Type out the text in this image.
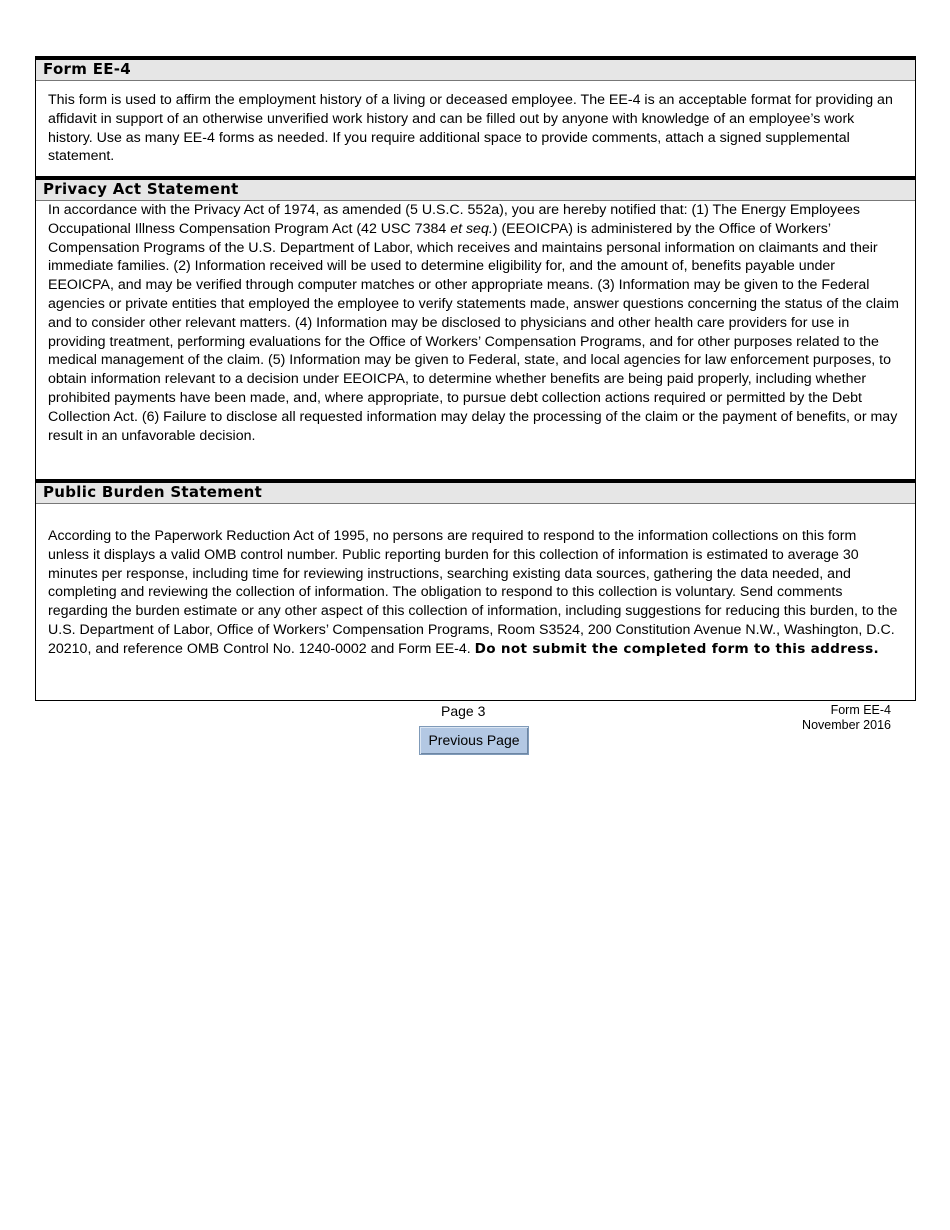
Form EE-4

This form is used to affirm the employment history of a living or deceased employee. The EE-4 is an acceptable format for providing an affidavit in support of an otherwise unverified work history and can be filled out by anyone with knowledge of an employee’s work history. Use as many EE-4 forms as needed. If you require additional space to provide comments, attach a signed supplemental statement.

Privacy Act Statement

In accordance with the Privacy Act of 1974, as amended (5 U.S.C. 552a), you are hereby notified that: (1) The Energy Employees Occupational Illness Compensation Program Act (42 USC 7384 et seq.) (EEOICPA) is administered by the Office of Workers’ Compensation Programs of the U.S. Department of Labor, which receives and maintains personal information on claimants and their immediate families. (2) Information received will be used to determine eligibility for, and the amount of, benefits payable under EEOICPA, and may be verified through computer matches or other appropriate means. (3) Information may be given to the Federal agencies or private entities that employed the employee to verify statements made, answer questions concerning the status of the claim and to consider other relevant matters. (4) Information may be disclosed to physicians and other health care providers for use in providing treatment, performing evaluations for the Office of Workers’ Compensation Programs, and for other purposes related to the medical management of the claim. (5) Information may be given to Federal, state, and local agencies for law enforcement purposes, to obtain information relevant to a decision under EEOICPA, to determine whether benefits are being paid properly, including whether prohibited payments have been made, and, where appropriate, to pursue debt collection actions required or permitted by the Debt Collection Act. (6) Failure to disclose all requested information may delay the processing of the claim or the payment of benefits, or may result in an unfavorable decision.

Public Burden Statement

According to the Paperwork Reduction Act of 1995, no persons are required to respond to the information collections on this form unless it displays a valid OMB control number. Public reporting burden for this collection of information is estimated to average 30 minutes per response, including time for reviewing instructions, searching existing data sources, gathering the data needed, and completing and reviewing the collection of information. The obligation to respond to this collection is voluntary. Send comments regarding the burden estimate or any other aspect of this collection of information, including suggestions for reducing this burden, to the U.S. Department of Labor, Office of Workers’ Compensation Programs, Room S3524, 200 Constitution Avenue N.W., Washington, D.C. 20210, and reference OMB Control No. 1240-0002 and Form EE-4. Do not submit the completed form to this address.

Page 3	Form EE-4
November 2016
Previous Page
